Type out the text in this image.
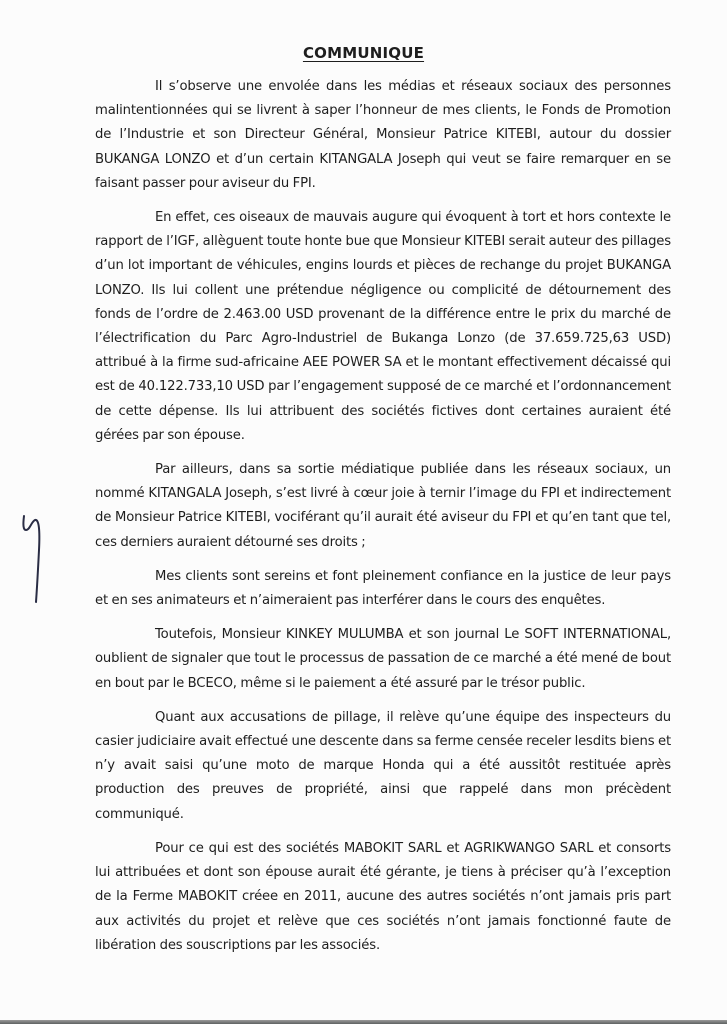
COMMUNIQUE

Il s’observe une envolée dans les médias et réseaux sociaux des personnes malintentionnées qui se livrent à saper l’honneur de mes clients, le Fonds de Promotion de l’Industrie et son Directeur Général, Monsieur Patrice KITEBI, autour du dossier BUKANGA LONZO et d’un certain KITANGALA Joseph qui veut se faire remarquer en se faisant passer pour aviseur du FPI.

En effet, ces oiseaux de mauvais augure qui évoquent à tort et hors contexte le rapport de l’IGF, allèguent toute honte bue que Monsieur KITEBI serait auteur des pillages d’un lot important de véhicules, engins lourds et pièces de rechange du projet BUKANGA LONZO. Ils lui collent une prétendue négligence ou complicité de détournement des fonds de l’ordre de 2.463.00 USD provenant de la différence entre le prix du marché de l’électrification du Parc Agro-Industriel de Bukanga Lonzo (de 37.659.725,63 USD) attribué à la firme sud-africaine AEE POWER SA et le montant effectivement décaissé qui est de 40.122.733,10 USD par l’engagement supposé de ce marché et l’ordonnancement de cette dépense. Ils lui attribuent des sociétés fictives dont certaines auraient été gérées par son épouse.

Par ailleurs, dans sa sortie médiatique publiée dans les réseaux sociaux, un nommé KITANGALA Joseph, s’est livré à cœur joie à ternir l’image du FPI et indirectement de Monsieur Patrice KITEBI, vociférant qu’il aurait été aviseur du FPI et qu’en tant que tel, ces derniers auraient détourné ses droits ;

Mes clients sont sereins et font pleinement confiance en la justice de leur pays et en ses animateurs et n’aimeraient pas interférer dans le cours des enquêtes.

Toutefois, Monsieur KINKEY MULUMBA et son journal Le SOFT INTERNATIONAL, oublient de signaler que tout le processus de passation de ce marché a été mené de bout en bout par le BCECO, même si le paiement a été assuré par le trésor public.

Quant aux accusations de pillage, il relève qu’une équipe des inspecteurs du casier judiciaire avait effectué une descente dans sa ferme censée receler lesdits biens et n’y avait saisi qu’une moto de marque Honda qui a été aussitôt restituée après production des preuves de propriété, ainsi que rappelé dans mon précèdent communiqué.

Pour ce qui est des sociétés MABOKIT SARL et AGRIKWANGO SARL et consorts lui attribuées et dont son épouse aurait été gérante, je tiens à préciser qu’à l’exception de la Ferme MABOKIT créee en 2011, aucune des autres sociétés n’ont jamais pris part aux activités du projet et relève que ces sociétés n’ont jamais fonctionné faute de libération des souscriptions par les associés.
